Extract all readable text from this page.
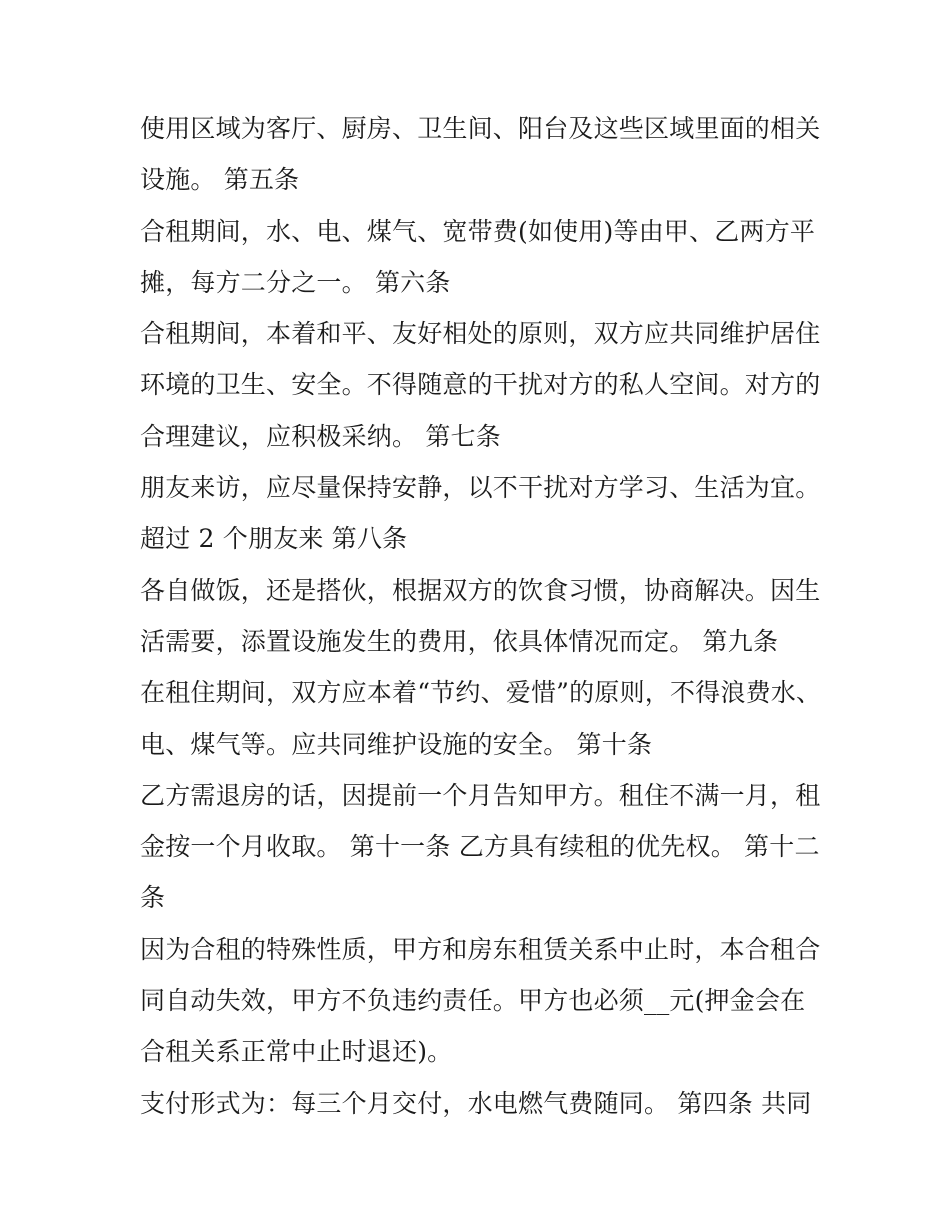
使用区域为客厅、厨房、卫生间、阳台及这些区域里面的相关
设施。 第五条
合租期间，水、电、煤气、宽带费(如使用)等由甲、乙两方平
摊，每方二分之一。 第六条
合租期间，本着和平、友好相处的原则，双方应共同维护居住
环境的卫生、安全。不得随意的干扰对方的私人空间。对方的
合理建议，应积极采纳。 第七条
朋友来访，应尽量保持安静，以不干扰对方学习、生活为宜。
超过 2 个朋友来 第八条
各自做饭，还是搭伙，根据双方的饮食习惯，协商解决。因生
活需要，添置设施发生的费用，依具体情况而定。 第九条
在租住期间，双方应本着“节约、爱惜”的原则，不得浪费水、
电、煤气等。应共同维护设施的安全。 第十条
乙方需退房的话，因提前一个月告知甲方。租住不满一月，租
金按一个月收取。 第十一条 乙方具有续租的优先权。 第十二
条
因为合租的特殊性质，甲方和房东租赁关系中止时，本合租合
同自动失效，甲方不负违约责任。甲方也必须__元(押金会在
合租关系正常中止时退还)。
支付形式为：每三个月交付，水电燃气费随同。 第四条 共同
